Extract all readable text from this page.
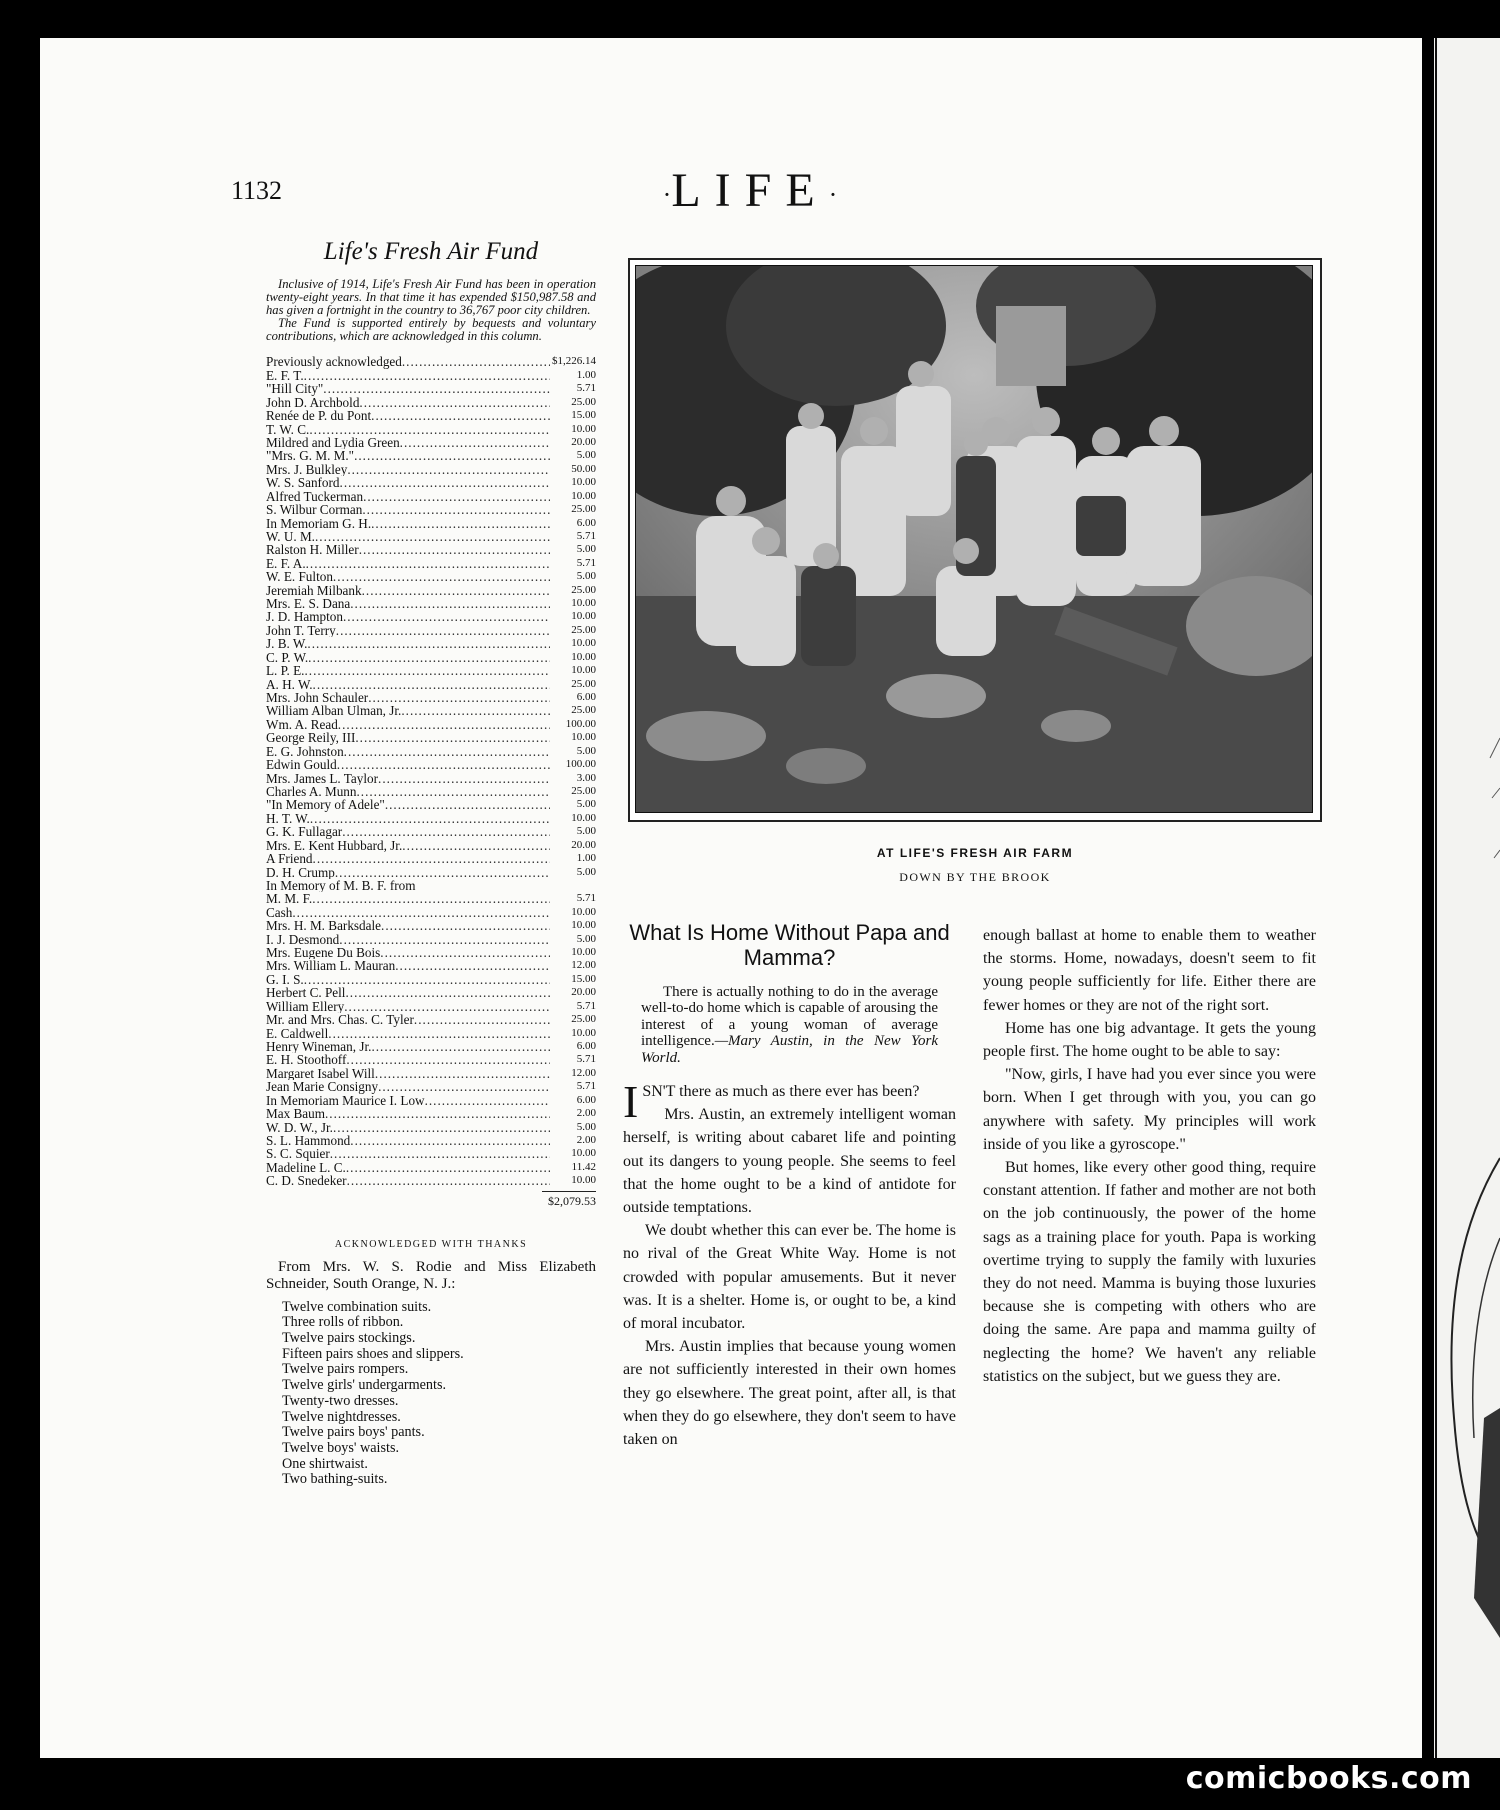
1132	·LIFE·
Life's Fresh Air Fund

Inclusive of 1914, Life's Fresh Air Fund has been in operation twenty-eight years. In that time it has expended $150,987.58 and has given a fortnight in the country to 36,767 poor city children.

The Fund is supported entirely by bequests and voluntary contributions, which are acknowledged in this column.

Previously acknowledged .....	$1,226.14
E. F. T. .....	1.00
"Hill City" .....	5.71
John D. Archbold .....	25.00
Renée de P. du Pont .....	15.00
T. W. C. .....	10.00
Mildred and Lydia Green .....	20.00
"Mrs. G. M. M." .....	5.00
Mrs. J. Bulkley .....	50.00
W. S. Sanford .....	10.00
Alfred Tuckerman .....	10.00
S. Wilbur Corman .....	25.00
In Memoriam G. H. .....	6.00
W. U. M. .....	5.71
Ralston H. Miller .....	5.00
E. F. A. .....	5.71
W. E. Fulton .....	5.00
Jeremiah Milbank .....	25.00
Mrs. E. S. Dana .....	10.00
J. D. Hampton .....	10.00
John T. Terry .....	25.00
J. B. W. .....	10.00
C. P. W. .....	10.00
L. P. E. .....	10.00
A. H. W. .....	25.00
Mrs. John Schauler .....	6.00
William Alban Ulman, Jr. .....	25.00
Wm. A. Read .....	100.00
George Reily, III .....	10.00
E. G. Johnston .....	5.00
Edwin Gould .....	100.00
Mrs. James L. Taylor .....	3.00
Charles A. Munn .....	25.00
"In Memory of Adele" .....	5.00
H. T. W. .....	10.00
G. K. Fullagar .....	5.00
Mrs. E. Kent Hubbard, Jr. .....	20.00
A Friend .....	1.00
D. H. Crump .....	5.00
In Memory of M. B. F. from
M. M. F. .....	5.71
Cash .....	10.00
Mrs. H. M. Barksdale .....	10.00
I. J. Desmond .....	5.00
Mrs. Eugene Du Bois .....	10.00
Mrs. William L. Mauran .....	12.00
G. I. S. .....	15.00
Herbert C. Pell .....	20.00
William Ellery .....	5.71
Mr. and Mrs. Chas. C. Tyler .....	25.00
E. Caldwell .....	10.00
Henry Wineman, Jr. .....	6.00
E. H. Stoothoff .....	5.71
Margaret Isabel Will .....	12.00
Jean Marie Consigny .....	5.71
In Memoriam Maurice I. Low .....	6.00
Max Baum .....	2.00
W. D. W., Jr. .....	5.00
S. L. Hammond .....	2.00
S. C. Squier .....	10.00
Madeline L. C. .....	11.42
C. D. Snedeker .....	10.00
$2,079.53
ACKNOWLEDGED WITH THANKS
From Mrs. W. S. Rodie and Miss Elizabeth Schneider, South Orange, N. J.:
Twelve combination suits.
Three rolls of ribbon.
Twelve pairs stockings.
Fifteen pairs shoes and slippers.
Twelve pairs rompers.
Twelve girls' undergarments.
Twenty-two dresses.
Twelve nightdresses.
Twelve pairs boys' pants.
Twelve boys' waists.
One shirtwaist.
Two bathing-suits.
AT LIFE'S FRESH AIR FARM
DOWN BY THE BROOK
What Is Home Without Papa and Mamma?

There is actually nothing to do in the average well-to-do home which is capable of arousing the interest of a young woman of average intelligence.—Mary Austin, in the New York World.

ISN'T there as much as there ever has been?

Mrs. Austin, an extremely intelligent woman herself, is writing about cabaret life and pointing out its dangers to young people. She seems to feel that the home ought to be a kind of antidote for outside temptations.

We doubt whether this can ever be. The home is no rival of the Great White Way. Home is not crowded with popular amusements. But it never was. It is a shelter. Home is, or ought to be, a kind of moral incubator.

Mrs. Austin implies that because young women are not sufficiently interested in their own homes they go elsewhere. The great point, after all, is that when they do go elsewhere, they don't seem to have taken on

enough ballast at home to enable them to weather the storms. Home, nowadays, doesn't seem to fit young people sufficiently for life. Either there are fewer homes or they are not of the right sort.

Home has one big advantage. It gets the young people first. The home ought to be able to say:

"Now, girls, I have had you ever since you were born. When I get through with you, you can go anywhere with safety. My principles will work inside of you like a gyroscope."

But homes, like every other good thing, require constant attention. If father and mother are not both on the job continuously, the power of the home sags as a training place for youth. Papa is working overtime trying to supply the family with luxuries they do not need. Mamma is buying those luxuries because she is competing with others who are doing the same. Are papa and mamma guilty of neglecting the home? We haven't any reliable statistics on the subject, but we guess they are.

comicbooks.com
